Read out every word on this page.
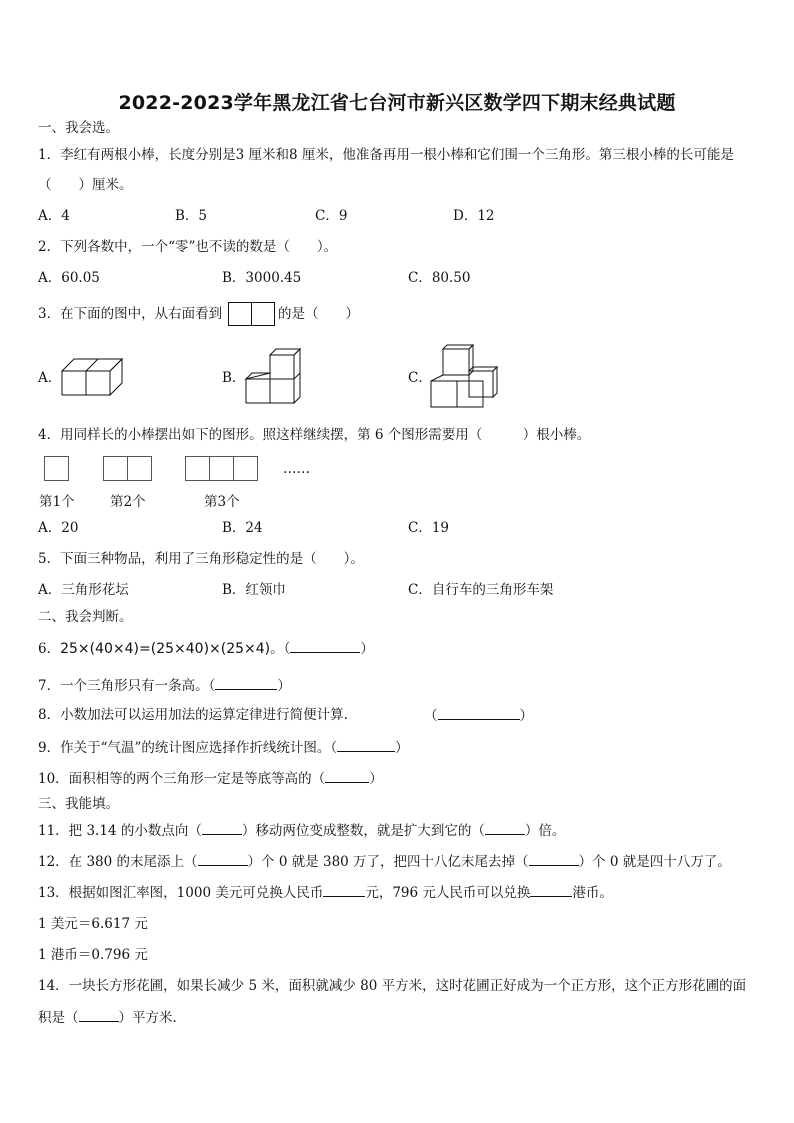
2022-2023学年黑龙江省七台河市新兴区数学四下期末经典试题
一、我会选。
1．李红有两根小棒，长度分别是3 厘米和8 厘米，他准备再用一根小棒和它们围一个三角形。第三根小棒的长可能是
（　　）厘米。
A．4	B．5	C．9	D．12
2．下列各数中，一个“零”也不读的数是（　　）。
A．60.05	B．3000.45	C．80.50
3．在下面的图中，从右面看到	的是（　　）
A．	B．	C．
4．用同样长的小棒摆出如下的图形。照这样继续摆，第 6 个图形需要用（　　　）根小棒。
……
第1个	第2个	第3个
A．20	B．24	C．19
5．下面三种物品，利用了三角形稳定性的是（　　）。
A．三角形花坛	B．红领巾	C．自行车的三角形车架
二、我会判断。
6．25×(40×4)=(25×40)×(25×4)。（	）
7．一个三角形只有一条高。（	）
8．小数加法可以运用加法的运算定律进行简便计算.	（	）
9．作关于“气温”的统计图应选择作折线统计图。（	）
10．面积相等的两个三角形一定是等底等高的（	）
三、我能填。
11．把 3.14 的小数点向（	）移动两位变成整数，就是扩大到它的（	）倍。
12．在 380 的末尾添上（	）个 0 就是 380 万了，把四十八亿末尾去掉（	）个 0 就是四十八万了。
13．根据如图汇率图，1000 美元可兑换人民币	元，796 元人民币可以兑换	港币。
1 美元＝6.617 元
1 港币＝0.796 元
14．一块长方形花圃，如果长减少 5 米，面积就减少 80 平方米，这时花圃正好成为一个正方形，这个正方形花圃的面
积是（	）平方米.
